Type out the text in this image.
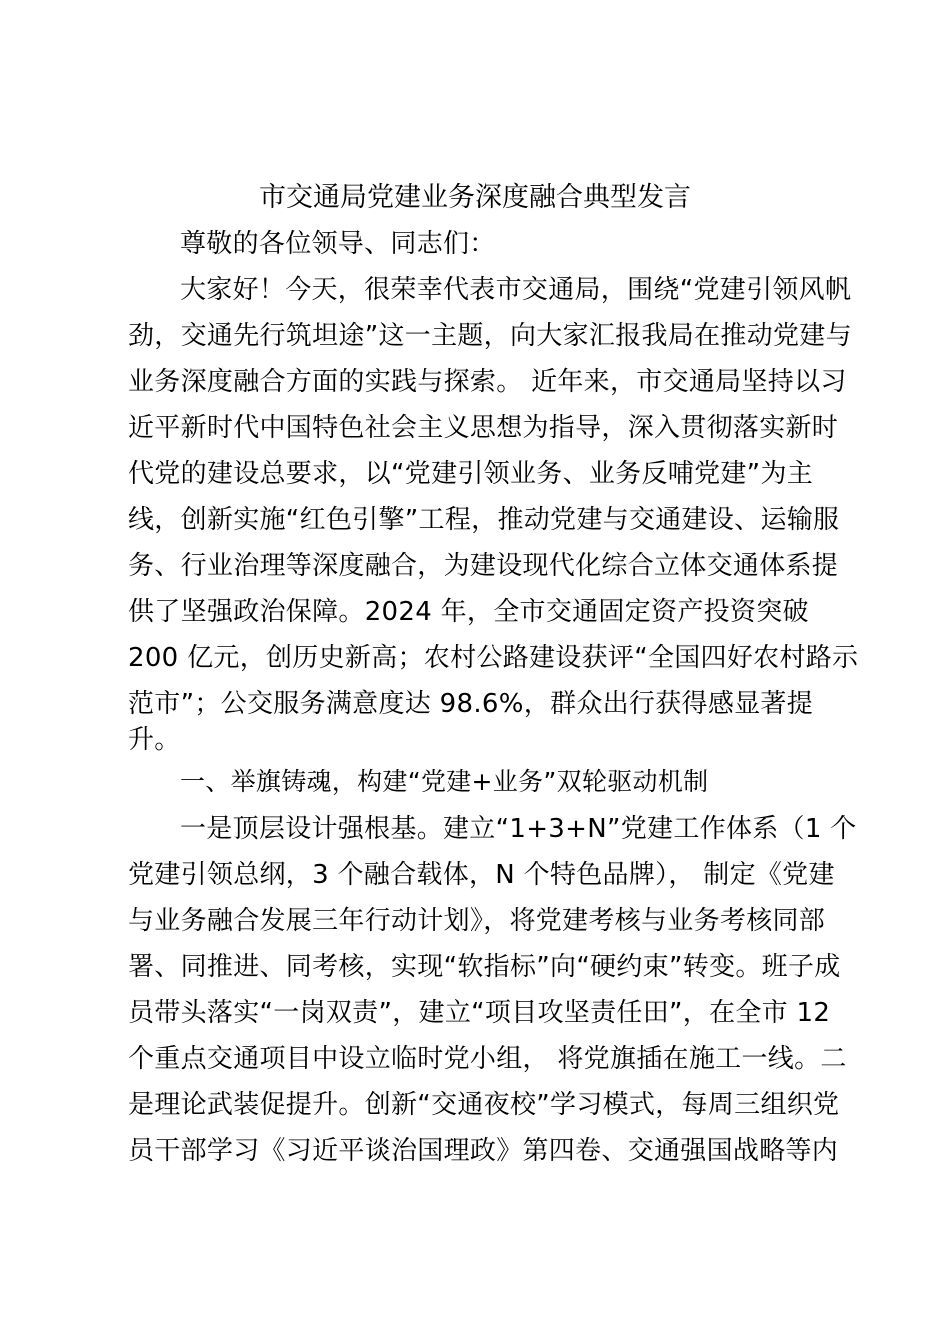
市交通局党建业务深度融合典型发言
尊敬的各位领导、同志们：
大家好！今天，很荣幸代表市交通局，围绕“党建引领风帆
劲，交通先行筑坦途”这一主题，向大家汇报我局在推动党建与
业务深度融合方面的实践与探索。 近年来，市交通局坚持以习
近平新时代中国特色社会主义思想为指导，深入贯彻落实新时
代党的建设总要求，以“党建引领业务、业务反哺党建”为主
线，创新实施“红色引擎”工程，推动党建与交通建设、运输服
务、行业治理等深度融合，为建设现代化综合立体交通体系提
供了坚强政治保障。2024 年，全市交通固定资产投资突破
200 亿元，创历史新高；农村公路建设获评“全国四好农村路示
范市”；公交服务满意度达 98.6%，群众出行获得感显著提
升。
一、举旗铸魂，构建“党建+业务”双轮驱动机制
一是顶层设计强根基。建立“1+3+N”党建工作体系（1 个
党建引领总纲，3 个融合载体，N 个特色品牌）， 制定《党建
与业务融合发展三年行动计划》，将党建考核与业务考核同部
署、同推进、同考核，实现“软指标”向“硬约束”转变。班子成
员带头落实“一岗双责”，建立“项目攻坚责任田”，在全市 12
个重点交通项目中设立临时党小组， 将党旗插在施工一线。二
是理论武装促提升。创新“交通夜校”学习模式，每周三组织党
员干部学习《习近平谈治国理政》第四卷、交通强国战略等内
